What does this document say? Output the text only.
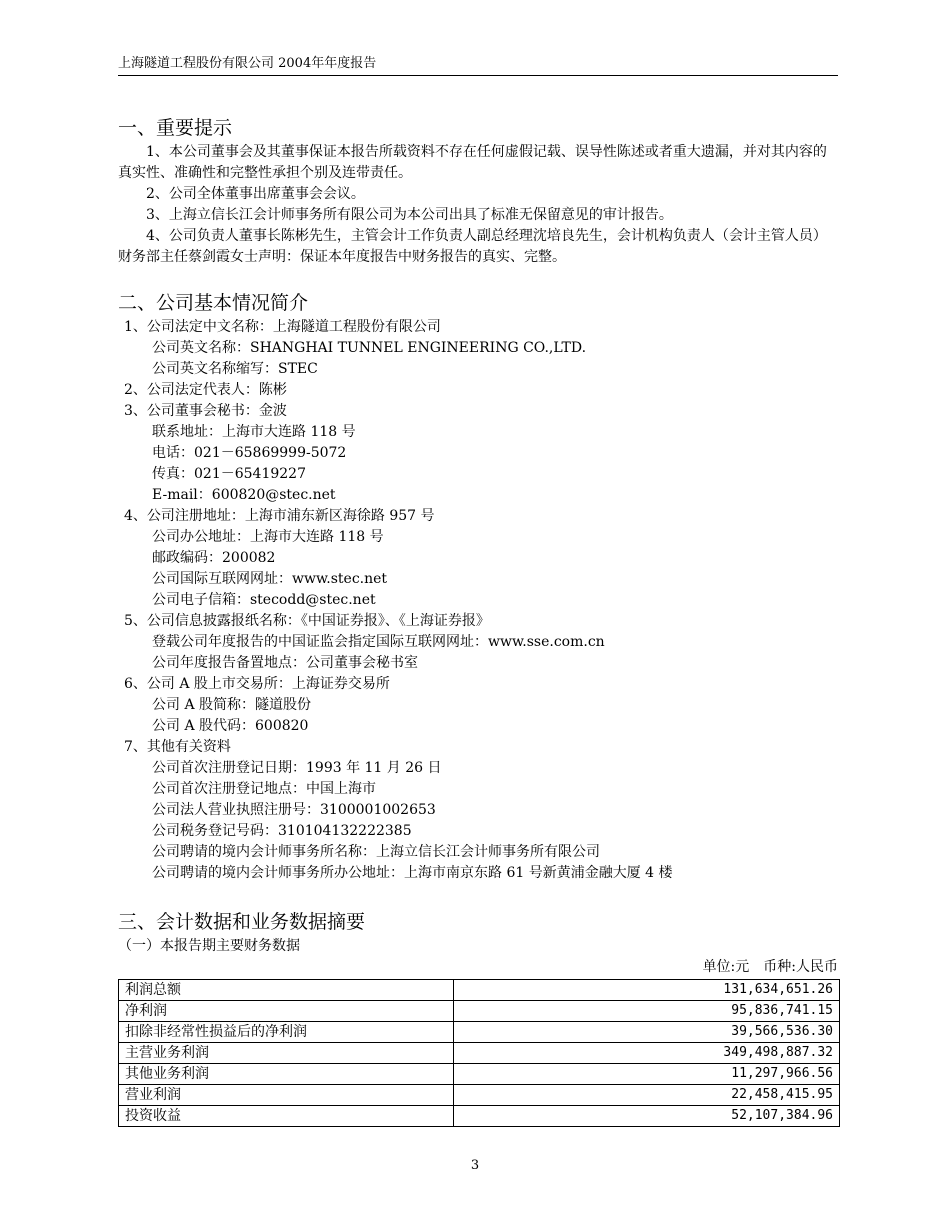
上海隧道工程股份有限公司 2004年年度报告
一、重要提示
1、本公司董事会及其董事保证本报告所载资料不存在任何虚假记载、误导性陈述或者重大遗漏，并对其内容的真实性、准确性和完整性承担个别及连带责任。
2、公司全体董事出席董事会会议。
3、上海立信长江会计师事务所有限公司为本公司出具了标准无保留意见的审计报告。
4、公司负责人董事长陈彬先生，主管会计工作负责人副总经理沈培良先生，会计机构负责人（会计主管人员）财务部主任蔡剑霞女士声明：保证本年度报告中财务报告的真实、完整。
二、公司基本情况简介
1、公司法定中文名称：上海隧道工程股份有限公司
公司英文名称：SHANGHAI TUNNEL ENGINEERING CO.,LTD.
公司英文名称缩写：STEC
2、公司法定代表人：陈彬
3、公司董事会秘书：金波
联系地址：上海市大连路 118 号
电话：021－65869999-5072
传真：021－65419227
E-mail：600820@stec.net
4、公司注册地址：上海市浦东新区海徐路 957 号
公司办公地址：上海市大连路 118 号
邮政编码：200082
公司国际互联网网址：www.stec.net
公司电子信箱：stecodd@stec.net
5、公司信息披露报纸名称：《中国证券报》、《上海证券报》
登载公司年度报告的中国证监会指定国际互联网网址：www.sse.com.cn
公司年度报告备置地点：公司董事会秘书室
6、公司 A 股上市交易所：上海证券交易所
公司 A 股简称：隧道股份
公司 A 股代码：600820
7、其他有关资料
公司首次注册登记日期：1993 年 11 月 26 日
公司首次注册登记地点：中国上海市
公司法人营业执照注册号：3100001002653
公司税务登记号码：310104132222385
公司聘请的境内会计师事务所名称：上海立信长江会计师事务所有限公司
公司聘请的境内会计师事务所办公地址：上海市南京东路 61 号新黄浦金融大厦 4 楼
三、会计数据和业务数据摘要
（一）本报告期主要财务数据
单位:元　币种:人民币
利润总额	131,634,651.26
净利润	95,836,741.15
扣除非经常性损益后的净利润	39,566,536.30
主营业务利润	349,498,887.32
其他业务利润	11,297,966.56
营业利润	22,458,415.95
投资收益	52,107,384.96
3
